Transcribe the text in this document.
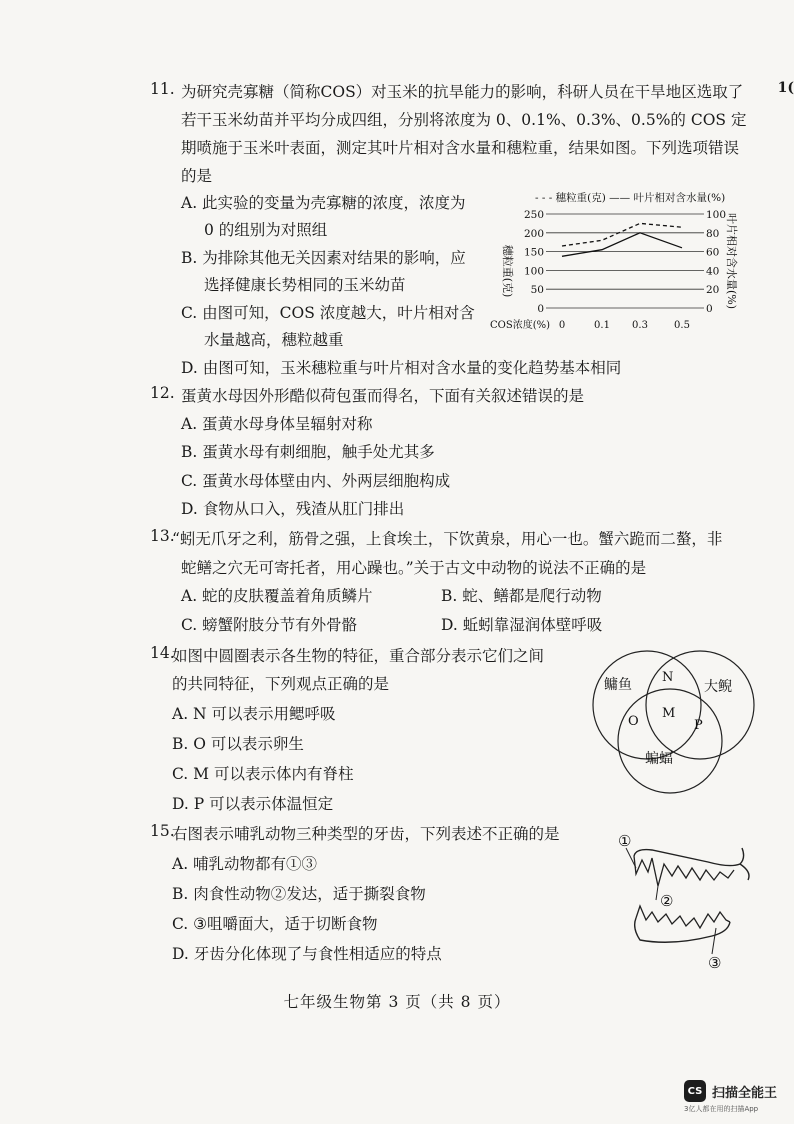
1(
11. 为研究壳寡糖（简称COS）对玉米的抗旱能力的影响，科研人员在干旱地区选取了
若干玉米幼苗并平均分成四组，分别将浓度为 0、0.1%、0.3%、0.5%的 COS 定
期喷施于玉米叶表面，测定其叶片相对含水量和穗粒重，结果如图。下列选项错误
的是
A. 此实验的变量为壳寡糖的浓度，浓度为
0 的组别为对照组
B. 为排除其他无关因素对结果的影响，应
选择健康长势相同的玉米幼苗
C. 由图可知，COS 浓度越大，叶片相对含
水量越高，穗粒越重
D. 由图可知，玉米穗粒重与叶片相对含水量的变化趋势基本相同
- - - 穗粒重(克) —— 叶片相对含水量(%)
穗粒重(克)	叶片相对含水量(%)
COS浓度(%)
250
200
150
100
50
0
100
80
60
40
20
0
0	0.1 0.3	0.5
12. 蛋黄水母因外形酷似荷包蛋而得名，下面有关叙述错误的是
A. 蛋黄水母身体呈辐射对称
B. 蛋黄水母有刺细胞，触手处尤其多
C. 蛋黄水母体壁由内、外两层细胞构成
D. 食物从口入，残渣从肛门排出
13.
“蚓无爪牙之利，筋骨之强，上食埃土，下饮黄泉，用心一也。蟹六跪而二螯，非
蛇鳝之穴无可寄托者，用心躁也。”关于古文中动物的说法不正确的是
A. 蛇的皮肤覆盖着角质鳞片	B. 蛇、鳝都是爬行动物
C. 螃蟹附肢分节有外骨骼	D. 蚯蚓靠湿润体壁呼吸
14.
如图中圆圈表示各生物的特征，重合部分表示它们之间
的共同特征，下列观点正确的是
A. N 可以表示用鳃呼吸
B. O 可以表示卵生
C. M 可以表示体内有脊柱
D. P 可以表示体温恒定
鳙鱼	大鲵
蝙蝠
N
M
O	P
15.
右图表示哺乳动物三种类型的牙齿，下列表述不正确的是
A. 哺乳动物都有①③
B. 肉食性动物②发达，适于撕裂食物
C. ③咀嚼面大，适于切断食物
D. 牙齿分化体现了与食性相适应的特点
①
②
③
七年级生物第 3 页（共 8 页）
CS 扫描全能王
3亿人都在用的扫描App
